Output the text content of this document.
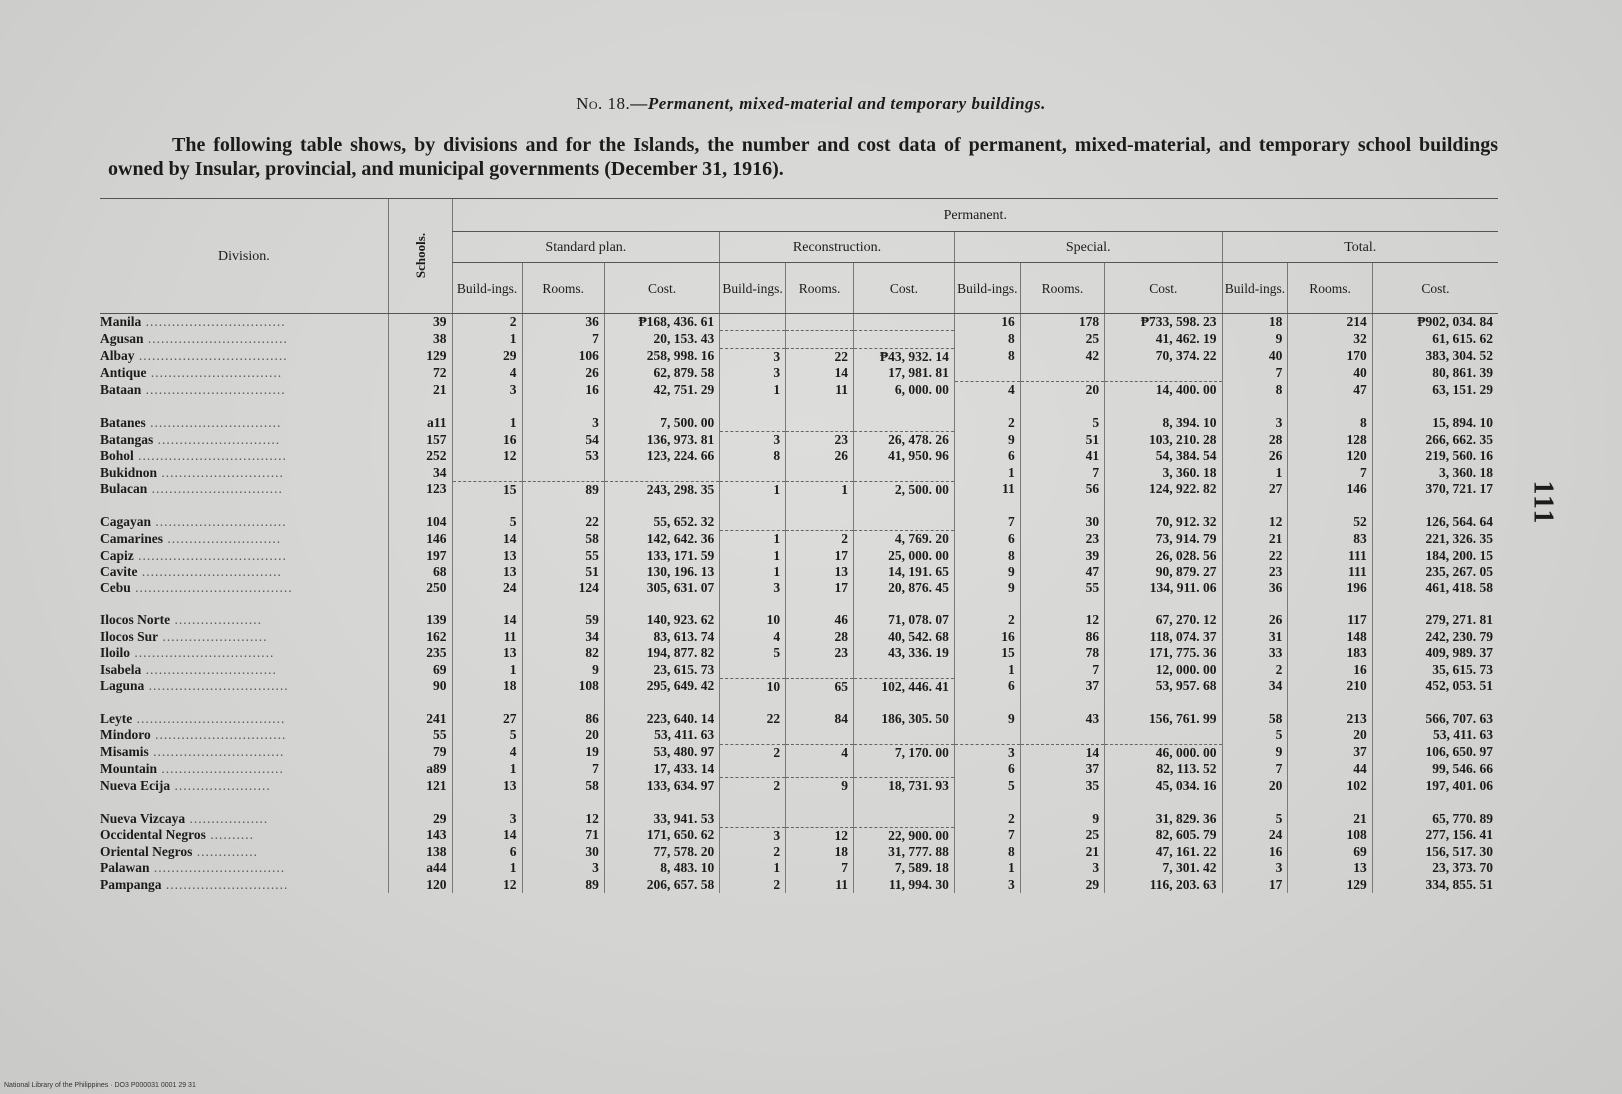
No. 18.—Permanent, mixed-material and temporary buildings.
The following table shows, by divisions and for the Islands, the number and cost data of permanent, mixed-material, and temporary school buildings owned by Insular, provincial, and municipal governments (December 31, 1916).
Division.	Schools.	Permanent.											
		Standard plan.			Reconstruction.			Special.			Total.		
		Build-ings.	Rooms.	Cost.	Build-ings.	Rooms.	Cost.	Build-ings.	Rooms.	Cost.	Build-ings.	Rooms.	Cost.
Manila ................................	39	2	36	₱168, 436. 61				16	178	₱733, 598. 23	18	214	₱902, 034. 84
Agusan ................................	38	1	7	20, 153. 43				8	25	41, 462. 19	9	32	61, 615. 62
Albay ..................................	129	29	106	258, 998. 16	3	22	₱43, 932. 14	8	42	70, 374. 22	40	170	383, 304. 52
Antique ..............................	72	4	26	62, 879. 58	3	14	17, 981. 81				7	40	80, 861. 39
Bataan ................................	21	3	16	42, 751. 29	1	11	6, 000. 00	4	20	14, 400. 00	8	47	63, 151. 29

Batanes ..............................	a11	1	3	7, 500. 00				2	5	8, 394. 10	3	8	15, 894. 10
Batangas ............................	157	16	54	136, 973. 81	3	23	26, 478. 26	9	51	103, 210. 28	28	128	266, 662. 35
Bohol ..................................	252	12	53	123, 224. 66	8	26	41, 950. 96	6	41	54, 384. 54	26	120	219, 560. 16
Bukidnon ............................	34							1	7	3, 360. 18	1	7	3, 360. 18
Bulacan ..............................	123	15	89	243, 298. 35	1	1	2, 500. 00	11	56	124, 922. 82	27	146	370, 721. 17

Cagayan ..............................	104	5	22	55, 652. 32				7	30	70, 912. 32	12	52	126, 564. 64
Camarines ..........................	146	14	58	142, 642. 36	1	2	4, 769. 20	6	23	73, 914. 79	21	83	221, 326. 35
Capiz ..................................	197	13	55	133, 171. 59	1	17	25, 000. 00	8	39	26, 028. 56	22	111	184, 200. 15
Cavite ................................	68	13	51	130, 196. 13	1	13	14, 191. 65	9	47	90, 879. 27	23	111	235, 267. 05
Cebu ....................................	250	24	124	305, 631. 07	3	17	20, 876. 45	9	55	134, 911. 06	36	196	461, 418. 58

Ilocos Norte ....................	139	14	59	140, 923. 62	10	46	71, 078. 07	2	12	67, 270. 12	26	117	279, 271. 81
Ilocos Sur ........................	162	11	34	83, 613. 74	4	28	40, 542. 68	16	86	118, 074. 37	31	148	242, 230. 79
Iloilo ................................	235	13	82	194, 877. 82	5	23	43, 336. 19	15	78	171, 775. 36	33	183	409, 989. 37
Isabela ..............................	69	1	9	23, 615. 73				1	7	12, 000. 00	2	16	35, 615. 73
Laguna ................................	90	18	108	295, 649. 42	10	65	102, 446. 41	6	37	53, 957. 68	34	210	452, 053. 51

Leyte ..................................	241	27	86	223, 640. 14	22	84	186, 305. 50	9	43	156, 761. 99	58	213	566, 707. 63
Mindoro ..............................	55	5	20	53, 411. 63							5	20	53, 411. 63
Misamis ..............................	79	4	19	53, 480. 97	2	4	7, 170. 00	3	14	46, 000. 00	9	37	106, 650. 97
Mountain ............................	a89	1	7	17, 433. 14				6	37	82, 113. 52	7	44	99, 546. 66
Nueva Ecija ......................	121	13	58	133, 634. 97	2	9	18, 731. 93	5	35	45, 034. 16	20	102	197, 401. 06

Nueva Vizcaya ..................	29	3	12	33, 941. 53				2	9	31, 829. 36	5	21	65, 770. 89
Occidental Negros ..........	143	14	71	171, 650. 62	3	12	22, 900. 00	7	25	82, 605. 79	24	108	277, 156. 41
Oriental Negros ..............	138	6	30	77, 578. 20	2	18	31, 777. 88	8	21	47, 161. 22	16	69	156, 517. 30
Palawan ..............................	a44	1	3	8, 483. 10	1	7	7, 589. 18	1	3	7, 301. 42	3	13	23, 373. 70
Pampanga ............................	120	12	89	206, 657. 58	2	11	11, 994. 30	3	29	116, 203. 63	17	129	334, 855. 51
111
National Library of the Philippines · DO3 P000031 0001 29 31
